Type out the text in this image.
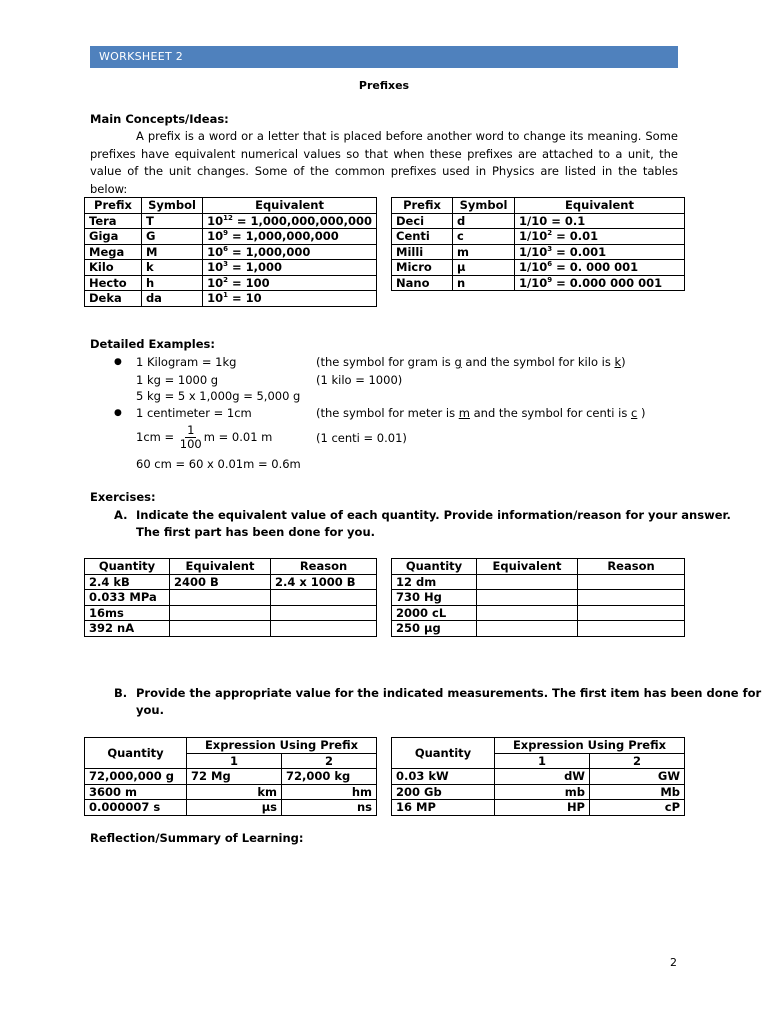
WORKSHEET 2
Prefixes
Main Concepts/Ideas:
A prefix is a word or a letter that is placed before another word to change its meaning. Some prefixes have equivalent numerical values so that when these prefixes are attached to a unit, the value of the unit changes. Some of the common prefixes used in Physics are listed in the tables below:
Prefix	Symbol	Equivalent
Tera	T	$10^{12} = 1,000,000,000,000$
Giga	G	$10^9 = 1,000,000,000$
Mega	M	$10^6 = 1,000,000$
Kilo	k	$10^3 = 1,000$
Hecto	h	$10^2 = 100$
Deka	da	$10^1 = 10$
Prefix	Symbol	Equivalent
Deci	d	1/10 = 0.1
Centi	c	$1/10^2 = 0.01$
Milli	m	$1/10^3 = 0.001$
Micro	μ	$1/10^6 = 0$. 000 001
Nano	n	$1/10^9 = 0.000$ 000 001
Detailed Examples:
● 1 Kilogram = 1kg	(the symbol for gram is g and the symbol for kilo is k)
1 kg = 1000 g	(1 kilo = 1000)
5 kg = 5 x 1,000g = 5,000 g
● 1 centimeter = 1cm	(the symbol for meter is m and the symbol for centi is c )
$1cm = \frac{1}{100}$ m = 0.01 m	(1 centi = 0.01)
60 cm = 60 x 0.01m = 0.6m
Exercises:
A. Indicate the equivalent value of each quantity. Provide information/reason for your answer.
The first part has been done for you.
Quantity	Equivalent	Reason
2.4 kB	2400 B	2.4 x 1000 B
0.033 MPa		
16ms		
392 nA		
Quantity	Equivalent	Reason
12 dm		
730 Hg		
2000 cL		
250 μg		
B. Provide the appropriate value for the indicated measurements. The first item has been done for
you.
Quantity	Expression Using Prefix	
	1	2
72,000,000 g	72 Mg	72,000 kg
3600 m	km	hm
0.000007 s	μs	ns
Quantity	Expression Using Prefix	
	1	2
0.03 kW	dW	GW
200 Gb	mb	Mb
16 MP	HP	cP
Reflection/Summary of Learning:
2
